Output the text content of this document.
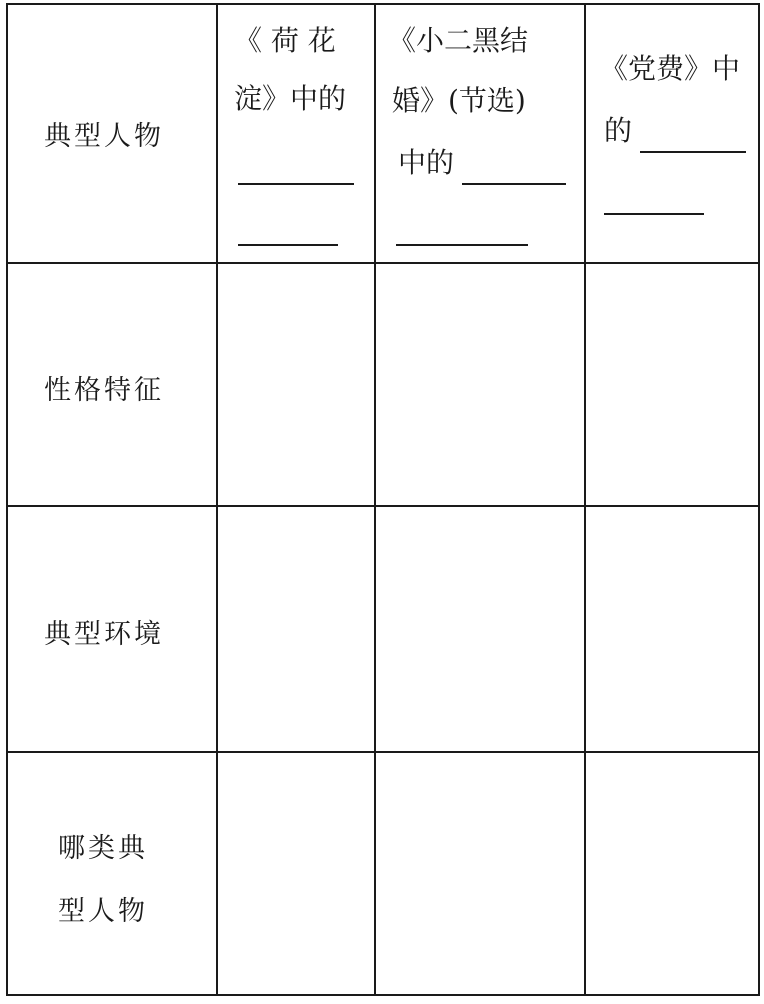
典型人物
性格特征
典型环境
哪类典
型人物
《 荷 花
淀》中的
《小二黑结
婚》(节选)
中的
《党费》中
的
